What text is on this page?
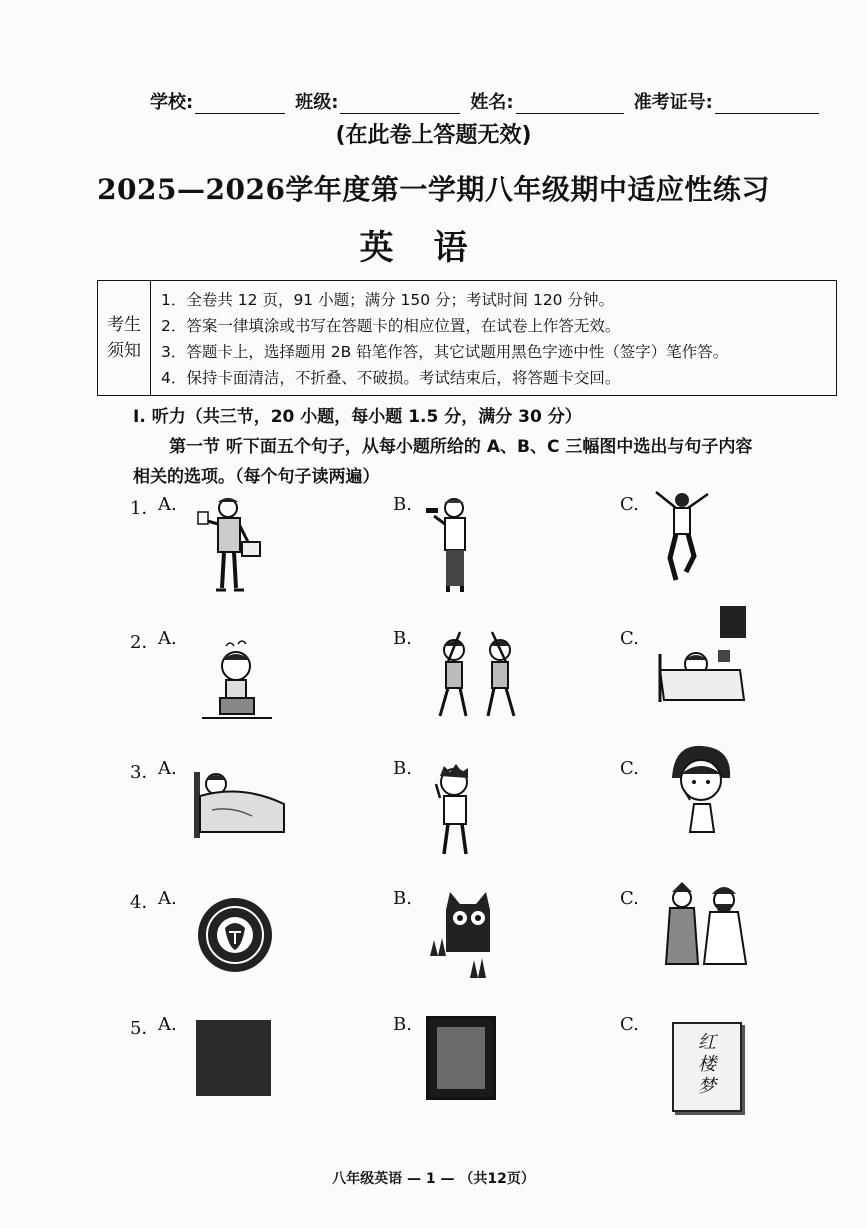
学校:	班级:	姓名:	准考证号:
(在此卷上答题无效)
2025—2026学年度第一学期八年级期中适应性练习
英语
考生
须知
1．全卷共 12 页，91 小题；满分 150 分；考试时间 120 分钟。
2．答案一律填涂或书写在答题卡的相应位置，在试卷上作答无效。
3．答题卡上，选择题用 2B 铅笔作答，其它试题用黑色字迹中性（签字）笔作答。
4．保持卡面清洁，不折叠、不破损。考试结束后，将答题卡交回。
I. 听力（共三节，20 小题，每小题 1.5 分，满分 30 分）
第一节 听下面五个句子，从每小题所给的 A、B、C 三幅图中选出与句子内容
相关的选项。（每个句子读两遍）
1．
A.	B.	C.
2．
A.	B.	C.
3．
A.	B.	C.
4．
A.	B.	C.
5．
A.	B.	C.
红
楼
梦
八年级英语 — 1 — （共12页）
